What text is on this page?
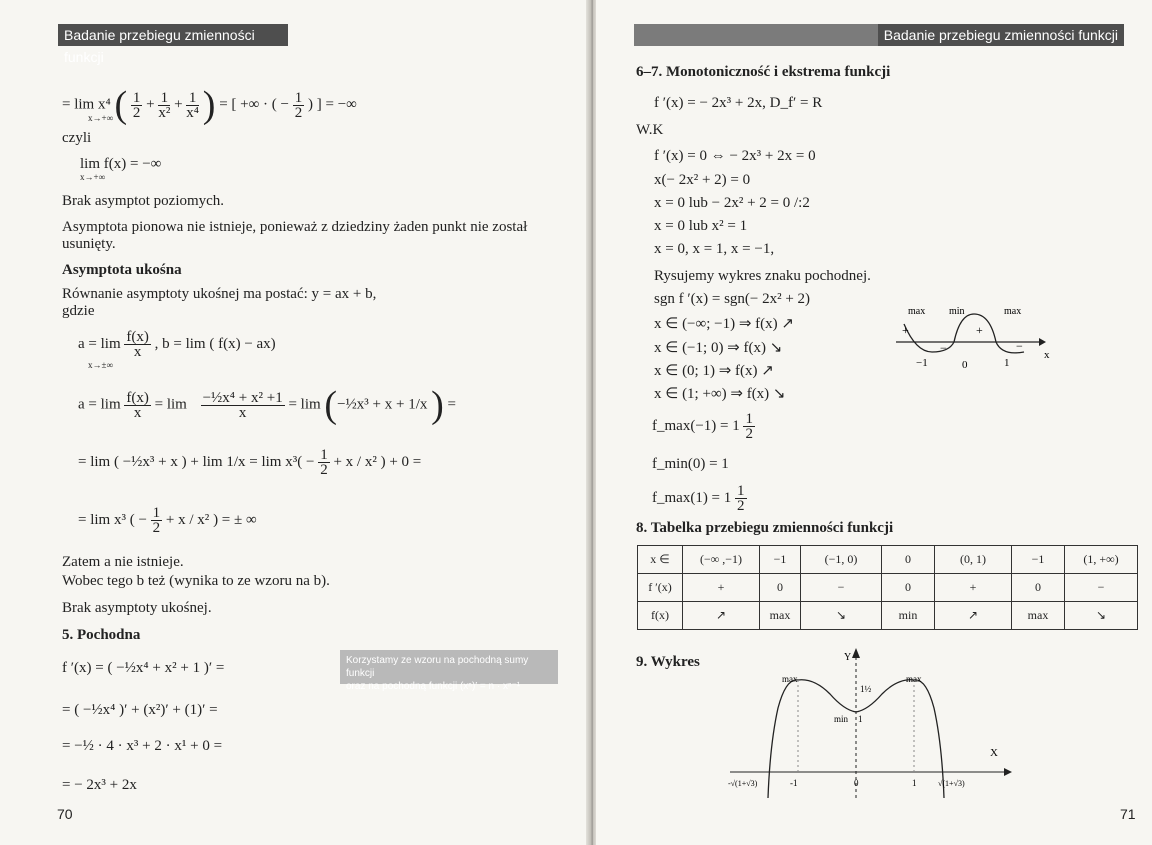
Badanie przebiegu zmienności funkcji
= lim x⁴ ( $\frac{1}{2} + \frac{1}{\text{x²}} + \frac{1}{\text{x⁴}}$ ) = [ +∞ · ( − $\frac{1}{2}$ ) ] = −∞
x→+∞
czyli
lim f(x) = −∞
x→+∞
Brak asymptot poziomych.
Asymptota pionowa nie istnieje, ponieważ z dziedziny żaden punkt nie został
usunięty.
Asymptota ukośna
Równanie asymptoty ukośnej ma postać: y = ax + b,
gdzie
$a = \lim \frac{f(x)}{x}$ , b = lim ( f(x) − ax)
x→±∞
$a = \lim \frac{f(x)}{x} = \lim \frac{\text{−½x⁴ + x² +1}}{x} = \lim$ (−½x³ + x + 1/x ) =
= lim ( −½x³ + x ) + $\lim 1/x = \lim x^3( - \frac{1}{2} + x / x^2$ ) + 0 =
= lim x³ ( − $\frac{1}{2} + x / x^2$ ) = ± ∞
Zatem a nie istnieje.
Wobec tego b też (wynika to ze wzoru na b).
Brak asymptoty ukośnej.
5. Pochodna
f ′(x) = ( −½x⁴ + x² + 1 )′ =
= ( −½x⁴ )′ + (x²)′ + (1)′ =
= −½ · 4 · x³ + 2 · x¹ + 0 =
= − 2x³ + 2x
Korzystamy ze wzoru na pochodną sumy funkcji
oraz na pochodną funkcji (xⁿ)′ = n · xⁿ⁻¹
70
Badanie przebiegu zmienności funkcji
6–7. Monotoniczność i ekstrema funkcji
f ′(x) = − 2x³ + 2x, D_f′ = R
W.K
f ′(x) = 0 ⇔ − 2x³ + 2x = 0
x(− 2x² + 2) = 0
x = 0 lub − 2x² + 2 = 0 /:2
x = 0 lub x² = 1
x = 0, x = 1, x = −1,
Rysujemy wykres znaku pochodnej.
sgn f ′(x) = sgn(− 2x² + 2)
x ∈ (−∞; −1) ⇒ f(x) ↗
x ∈ (−1; 0) ⇒ f(x) ↘
x ∈ (0; 1) ⇒ f(x) ↗
x ∈ (1; +∞) ⇒ f(x) ↘
f_max(−1) = $1 \frac{1}{2}$
f_min(0) = 1
f_max(1) = $1 \frac{1}{2}$
max min	max
+
−
+
−
−1	0	1
x
8. Tabelka przebiegu zmienności funkcji
9. Wykres	Y
X
max	max
min 1
1½
-√(1+√3)	-1	0	1	√(1+√3)
71
x ∈	(−∞ ,−1)	−1	(−1, 0)	0	(0, 1)	−1	(1, +∞)
f ′(x)	+	0	−	0	+	0	−
f(x)	↗	max	↘	min	↗	max	↘
